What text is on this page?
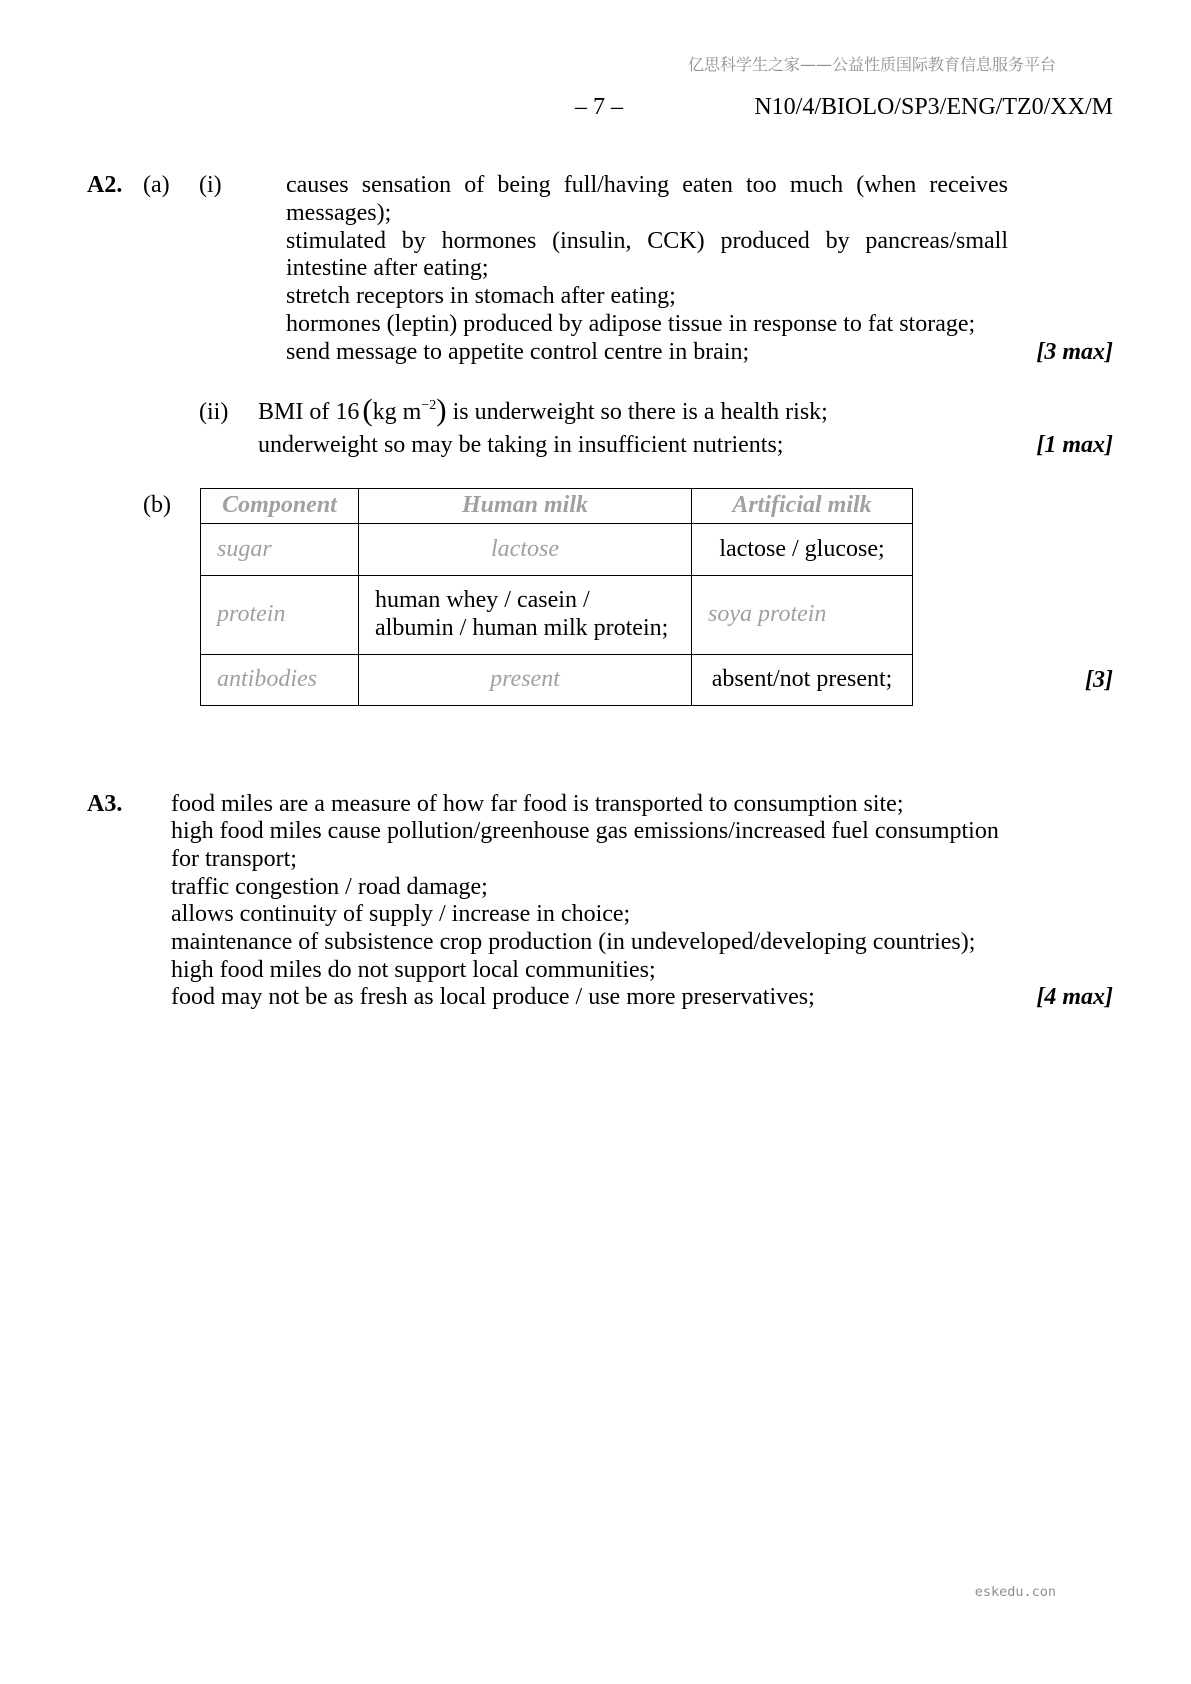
亿思科学生之家——公益性质国际教育信息服务平台
– 7 –	N10/4/BIOLO/SP3/ENG/TZ0/XX/M
A2. (a) (i)	causes sensation of being full/having eaten too much (when receives
messages);
stimulated by hormones (insulin, CCK) produced by pancreas/small
intestine after eating;
stretch receptors in stomach after eating;
hormones (leptin) produced by adipose tissue in response to fat storage;
send message to appetite control centre in brain;	[3 max]
(ii) BMI of 16(kg $m^{-2}$) is underweight so there is a health risk;
underweight so may be taking in insufficient nutrients;	[1 max]
(b) Component	Human milk	Artificial milk
sugar	lactose	lactose / glucose;
protein	human whey / casein /
albumin / human milk protein;	soya protein
antibodies	present	absent/not present;	[3]
A3. food miles are a measure of how far food is transported to consumption site;
high food miles cause pollution/greenhouse gas emissions/increased fuel consumption
for transport;
traffic congestion / road damage;
allows continuity of supply / increase in choice;
maintenance of subsistence crop production (in undeveloped/developing countries);
high food miles do not support local communities;
food may not be as fresh as local produce / use more preservatives;	[4 max]
eskedu.con
